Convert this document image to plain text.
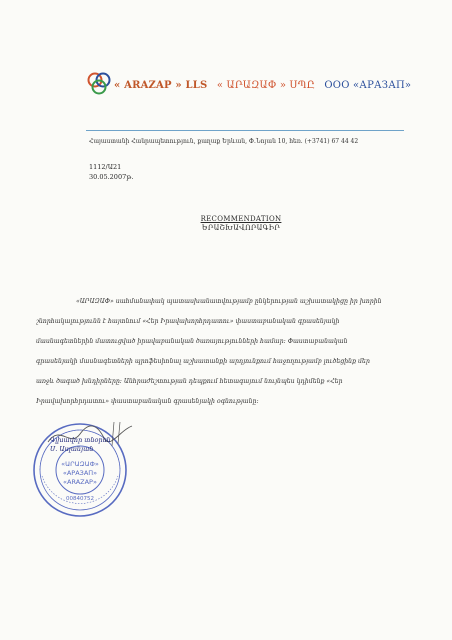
« ARAZAP » LLS « ԱՐԱԶԱՓ » ՍՊԸ ООО «АРАЗАП»
Հայաստանի Հանրապետություն, քաղաք Երևան, Փ.Նոյան 10, հեռ. (+3741) 67 44 42
1112/Ա21
30.05.2007թ.
RECOMMENDATION
ԵՐԱՇԽԱՎՈՐԱԳԻՐ
«ԱՐԱԶԱՓ» սահմանափակ պատասխանատվությամբ ընկերության աշխատակիցը իր խորին
շնորհակալությունն է հայտնում «Հեր Իրավախորհրդատու» փաստաբանական գրասենյակի
մասնագետներին մատուցված իրավաբանական ծառայությունների համար: Փաստաբանական
գրասենյակի մասնագետների պրոֆեսիոնալ աշխատանքի արդյունքում հաջողությամբ լուծեցինք մեր
առջև ծագած խնդիրները: Անհրաժեշտության դեպքում հետագայում նույնպես կդիմենք «Հեր
Իրավախորհրդատու» փաստաբանական գրասենյակի օգնությանը:
«ԱՐԱԶԱՓ»
«АРАЗАП»
«ARAZAP»
00840752
Գլխավոր տնօրեն
Ս. Ասլանյան
